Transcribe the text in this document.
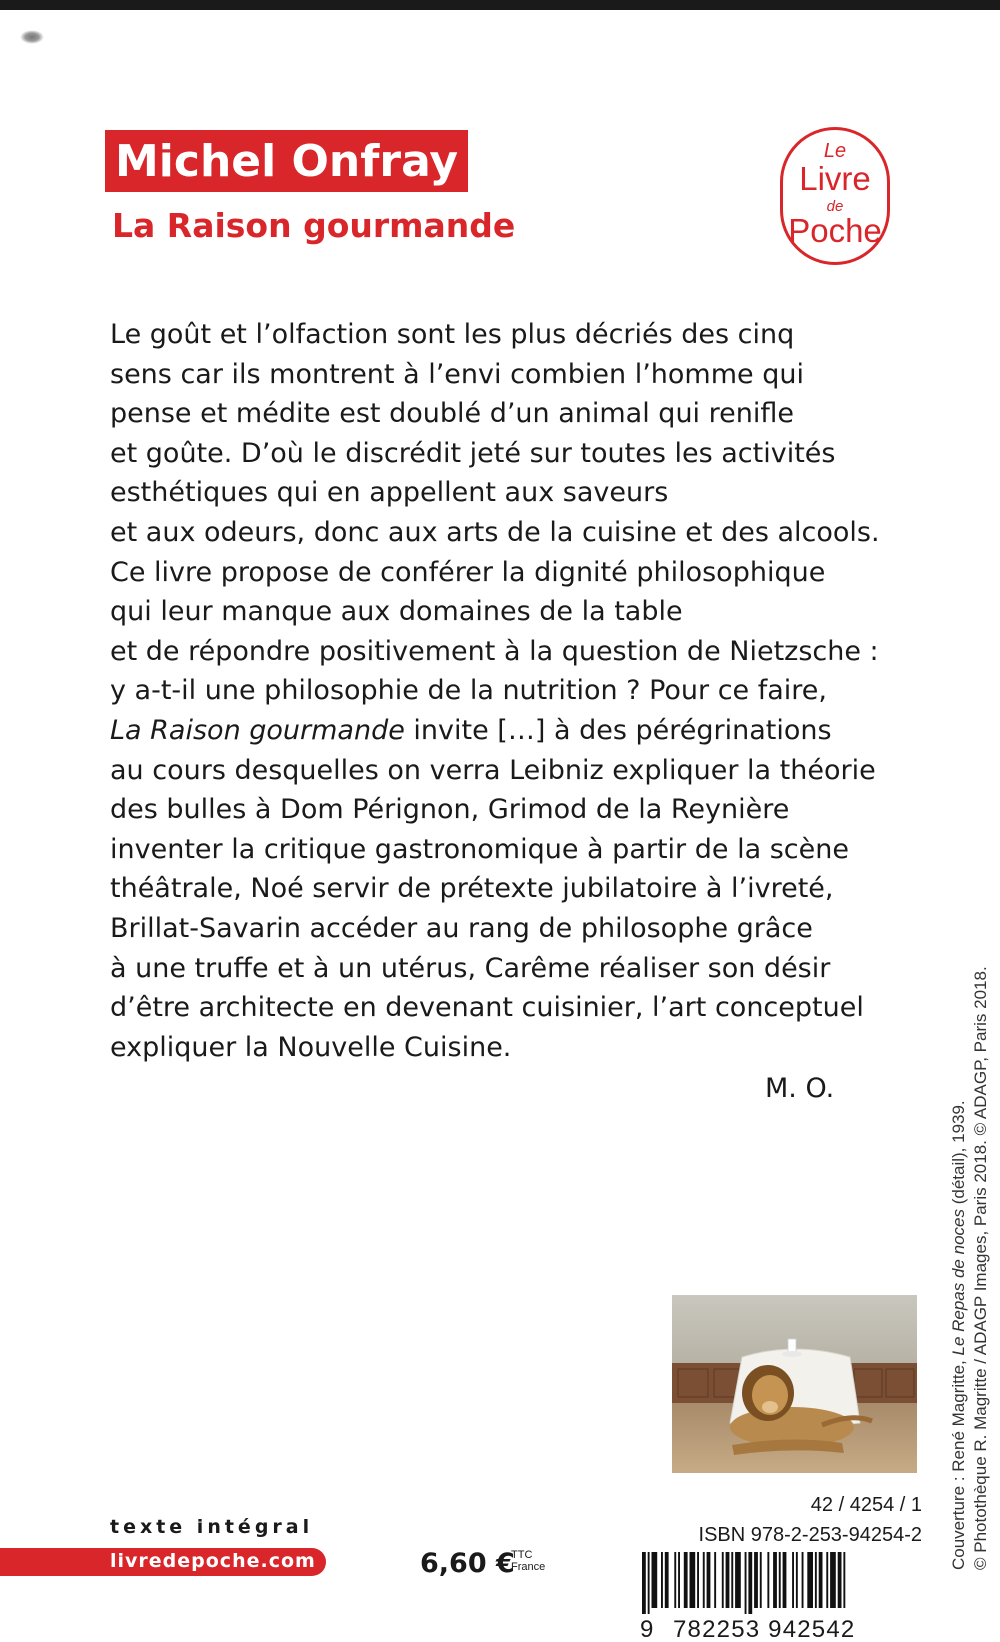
Michel Onfray
La Raison gourmande
Le
Livre
de
Poche
Le goût et l’olfaction sont les plus décriés des cinq
sens car ils montrent à l’envi combien l’homme qui
pense et médite est doublé d’un animal qui renifle
et goûte. D’où le discrédit jeté sur toutes les activités
esthétiques qui en appellent aux saveurs
et aux odeurs, donc aux arts de la cuisine et des alcools.
Ce livre propose de conférer la dignité philosophique
qui leur manque aux domaines de la table
et de répondre positivement à la question de Nietzsche :
y a-t-il une philosophie de la nutrition ? Pour ce faire,
La Raison gourmande invite […] à des pérégrinations
au cours desquelles on verra Leibniz expliquer la théorie
des bulles à Dom Pérignon, Grimod de la Reynière
inventer la critique gastronomique à partir de la scène
théâtrale, Noé servir de prétexte jubilatoire à l’ivreté,
Brillat-Savarin accéder au rang de philosophe grâce
à une truffe et à un utérus, Carême réaliser son désir
d’être architecte en devenant cuisinier, l’art conceptuel
expliquer la Nouvelle Cuisine.
M. O.
Couverture : René Magritte, Le Repas de noces (détail), 1939. © Photothèque R. Magritte / ADAGP Images, Paris 2018. © ADAGP, Paris 2018.
42 / 4254 / 1
ISBN 978-2-253-94254-2
9 782253 942542
texte intégral
livredepoche.com	6,60 €
TTC
France
